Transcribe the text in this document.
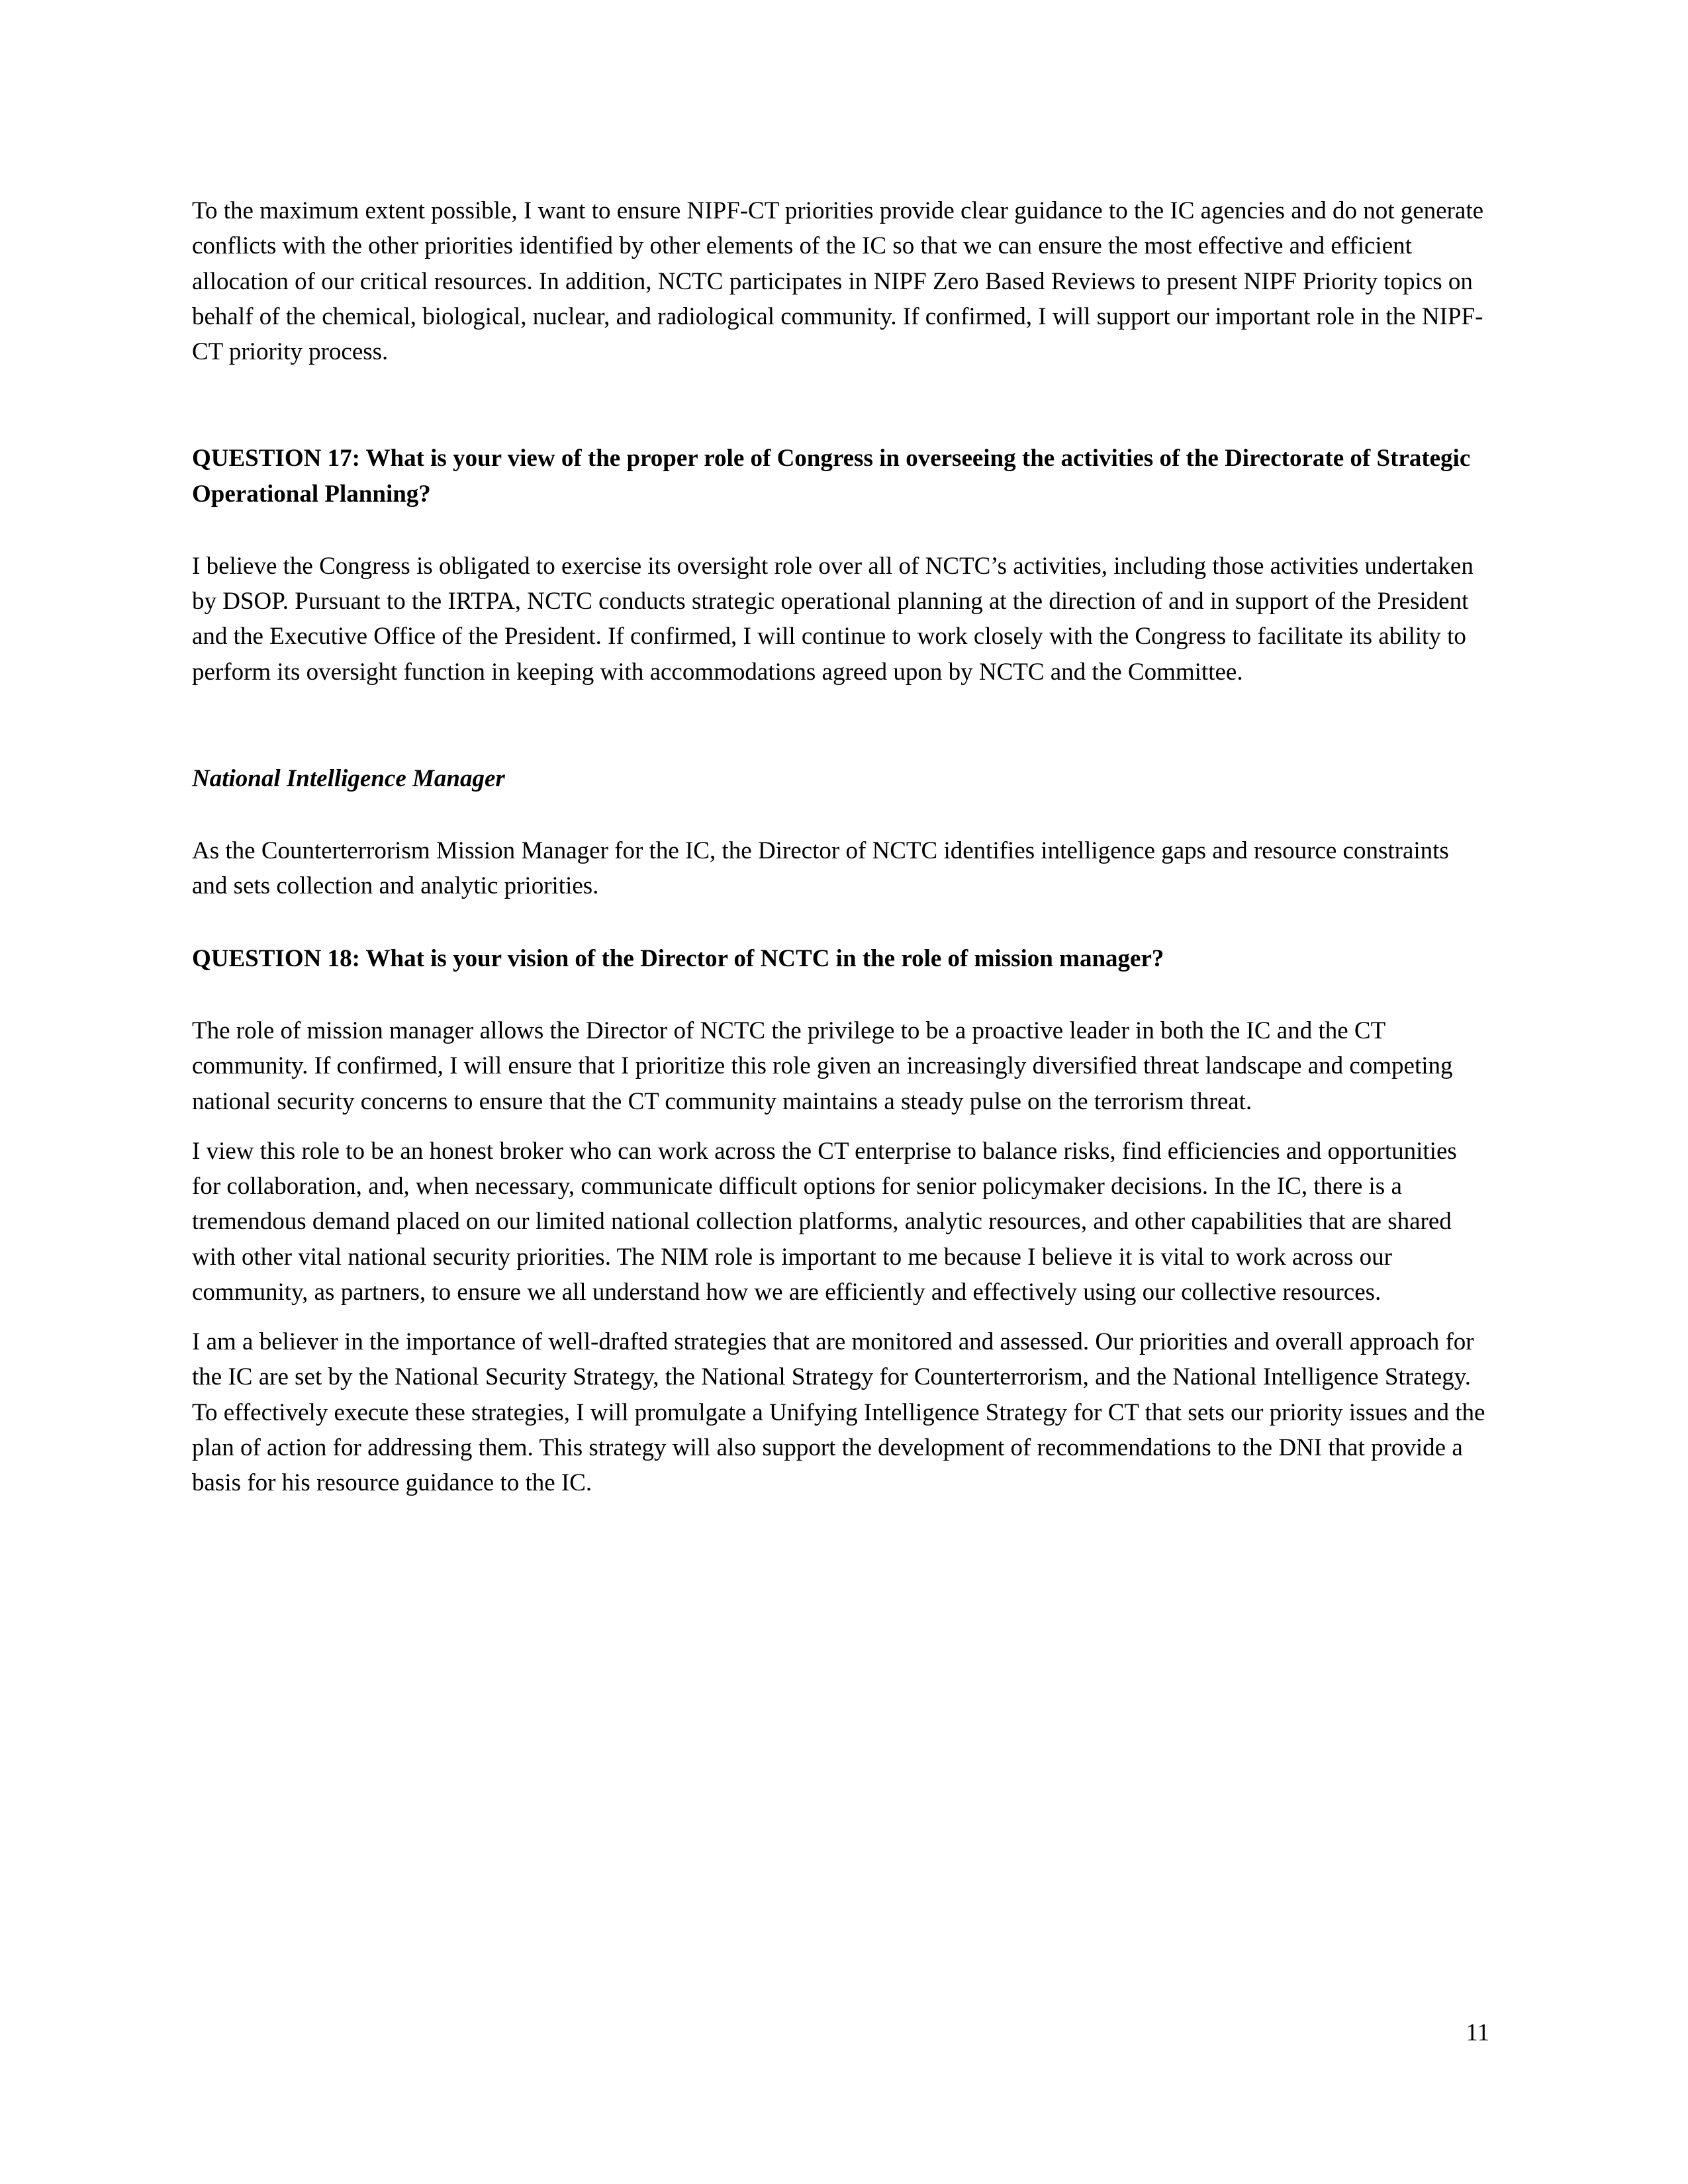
To the maximum extent possible, I want to ensure NIPF-CT priorities provide clear guidance to the IC agencies and do not generate conflicts with the other priorities identified by other elements of the IC so that we can ensure the most effective and efficient allocation of our critical resources. In addition, NCTC participates in NIPF Zero Based Reviews to present NIPF Priority topics on behalf of the chemical, biological, nuclear, and radiological community. If confirmed, I will support our important role in the NIPF-CT priority process.

QUESTION 17: What is your view of the proper role of Congress in overseeing the activities of the Directorate of Strategic Operational Planning?

I believe the Congress is obligated to exercise its oversight role over all of NCTC’s activities, including those activities undertaken by DSOP. Pursuant to the IRTPA, NCTC conducts strategic operational planning at the direction of and in support of the President and the Executive Office of the President. If confirmed, I will continue to work closely with the Congress to facilitate its ability to perform its oversight function in keeping with accommodations agreed upon by NCTC and the Committee.

National Intelligence Manager

As the Counterterrorism Mission Manager for the IC, the Director of NCTC identifies intelligence gaps and resource constraints and sets collection and analytic priorities.

QUESTION 18: What is your vision of the Director of NCTC in the role of mission manager?

The role of mission manager allows the Director of NCTC the privilege to be a proactive leader in both the IC and the CT community. If confirmed, I will ensure that I prioritize this role given an increasingly diversified threat landscape and competing national security concerns to ensure that the CT community maintains a steady pulse on the terrorism threat.

I view this role to be an honest broker who can work across the CT enterprise to balance risks, find efficiencies and opportunities for collaboration, and, when necessary, communicate difficult options for senior policymaker decisions. In the IC, there is a tremendous demand placed on our limited national collection platforms, analytic resources, and other capabilities that are shared with other vital national security priorities. The NIM role is important to me because I believe it is vital to work across our community, as partners, to ensure we all understand how we are efficiently and effectively using our collective resources.

I am a believer in the importance of well-drafted strategies that are monitored and assessed. Our priorities and overall approach for the IC are set by the National Security Strategy, the National Strategy for Counterterrorism, and the National Intelligence Strategy. To effectively execute these strategies, I will promulgate a Unifying Intelligence Strategy for CT that sets our priority issues and the plan of action for addressing them. This strategy will also support the development of recommendations to the DNI that provide a basis for his resource guidance to the IC.

11
